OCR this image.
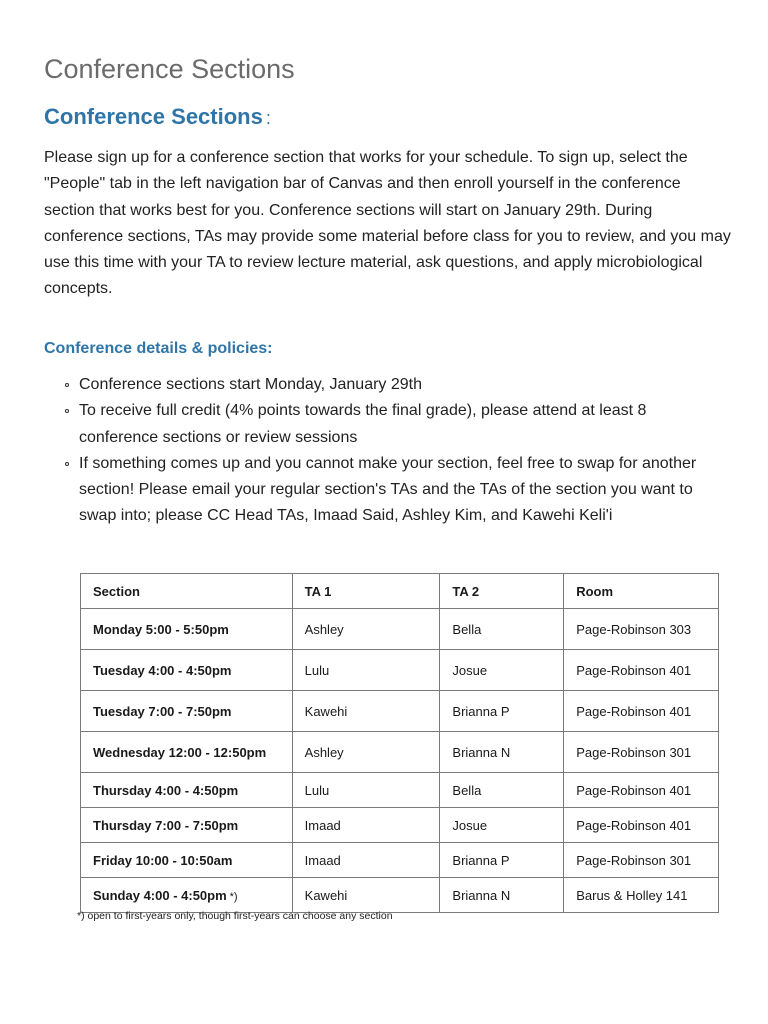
Conference Sections
Conference Sections :

Please sign up for a conference section that works for your schedule. To sign up, select the "People" tab in the left navigation bar of Canvas and then enroll yourself in the conference section that works best for you. Conference sections will start on January 29th. During conference sections, TAs may provide some material before class for you to review, and you may use this time with your TA to review lecture material, ask questions, and apply microbiological concepts.

Conference details & policies:
Conference sections start Monday, January 29th
To receive full credit (4% points towards the final grade), please attend at least 8 conference sections or review sessions
If something comes up and you cannot make your section, feel free to swap for another section! Please email your regular section's TAs and the TAs of the section you want to swap into; please CC Head TAs, Imaad Said, Ashley Kim, and Kawehi Keli'i
Section	TA 1	TA 2	Room
Monday 5:00 - 5:50pm	Ashley	Bella	Page-Robinson 303
Tuesday 4:00 - 4:50pm	Lulu	Josue	Page-Robinson 401
Tuesday 7:00 - 7:50pm	Kawehi	Brianna P	Page-Robinson 401
Wednesday 12:00 - 12:50pm	Ashley	Brianna N	Page-Robinson 301
Thursday 4:00 - 4:50pm	Lulu	Bella	Page-Robinson 401
Thursday 7:00 - 7:50pm	Imaad	Josue	Page-Robinson 401
Friday 10:00 - 10:50am	Imaad	Brianna P	Page-Robinson 301
Sunday 4:00 - 4:50pm *)	Kawehi	Brianna N	Barus & Holley 141

*) open to first-years only, though first-years can choose any section
